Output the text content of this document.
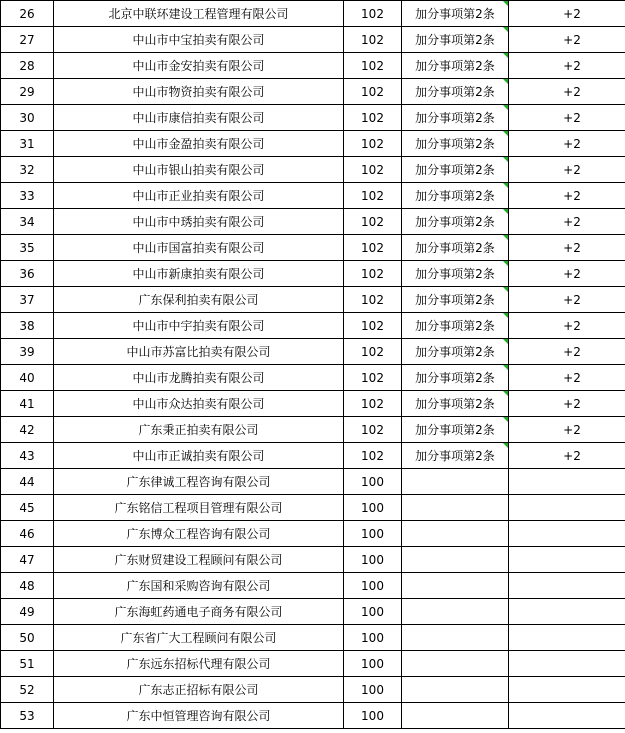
26	北京中联环建设工程管理有限公司	102	加分事项第2条	+2
27	中山市中宝拍卖有限公司	102	加分事项第2条	+2
28	中山市金安拍卖有限公司	102	加分事项第2条	+2
29	中山市物资拍卖有限公司	102	加分事项第2条	+2
30	中山市康信拍卖有限公司	102	加分事项第2条	+2
31	中山市金盈拍卖有限公司	102	加分事项第2条	+2
32	中山市银山拍卖有限公司	102	加分事项第2条	+2
33	中山市正业拍卖有限公司	102	加分事项第2条	+2
34	中山市中琇拍卖有限公司	102	加分事项第2条	+2
35	中山市国富拍卖有限公司	102	加分事项第2条	+2
36	中山市新康拍卖有限公司	102	加分事项第2条	+2
37	广东保利拍卖有限公司	102	加分事项第2条	+2
38	中山市中宇拍卖有限公司	102	加分事项第2条	+2
39	中山市苏富比拍卖有限公司	102	加分事项第2条	+2
40	中山市龙腾拍卖有限公司	102	加分事项第2条	+2
41	中山市众达拍卖有限公司	102	加分事项第2条	+2
42	广东秉正拍卖有限公司	102	加分事项第2条	+2
43	中山市正诚拍卖有限公司	102	加分事项第2条	+2
44	广东律诚工程咨询有限公司	100		
45	广东铭信工程项目管理有限公司	100		
46	广东博众工程咨询有限公司	100		
47	广东财贸建设工程顾问有限公司	100		
48	广东国和采购咨询有限公司	100		
49	广东海虹药通电子商务有限公司	100		
50	广东省广大工程顾问有限公司	100		
51	广东远东招标代理有限公司	100		
52	广东志正招标有限公司	100		
53	广东中恒管理咨询有限公司	100		
